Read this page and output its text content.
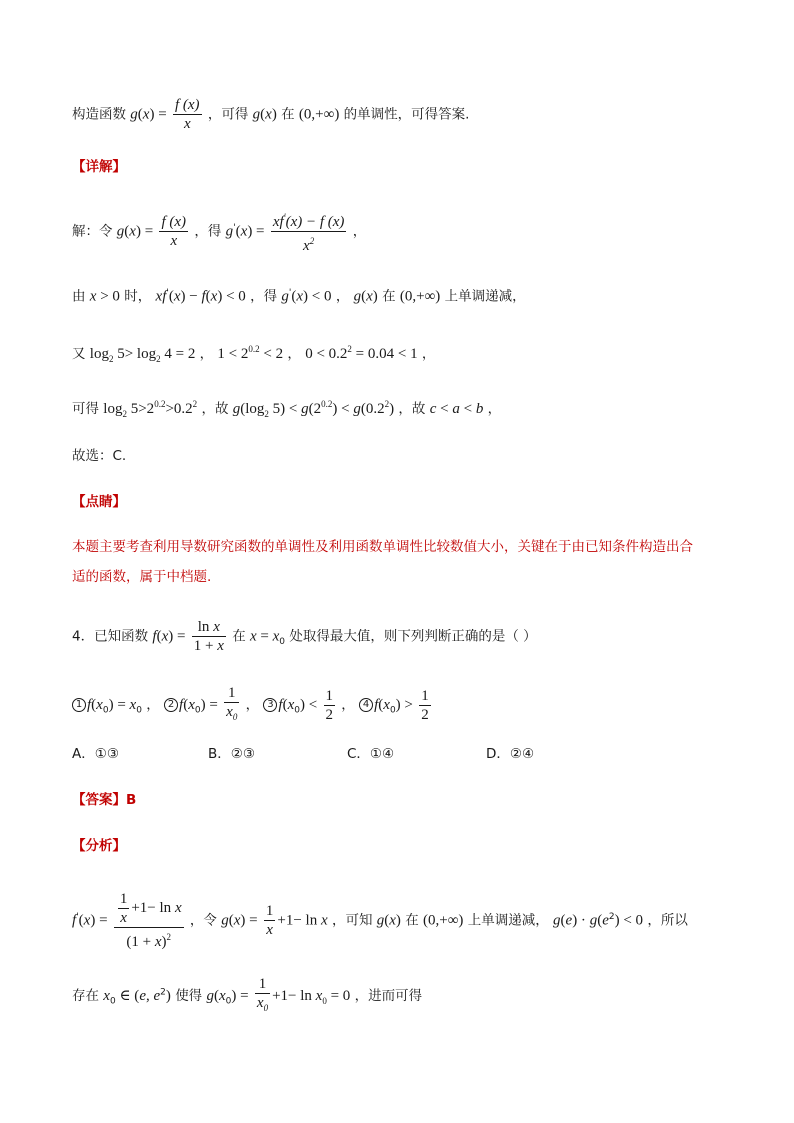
构造函数 $g(x) = \frac{f (x)}{x}$ ，可得 g(x) 在 (0,+∞) 的单调性，可得答案.
【详解】
解：令 $g(x) = \frac{f (x)}{x}$ ，得 $g'(x) = \frac{xf'(x) - f (x)}{x^2}$ ，
由 x > 0 时， xf'(x) − f(x) < 0 ，得 g'(x) < 0 ， g(x) 在 (0,+∞) 上单调递减，
又 $\log_2 5> \log_2 4 = 2$ ， $1 < 2^{0.2} < 2$ ， $0 < 0.2^2 = 0.04 < 1$ ，
可得 $\log_2 5>2^{0.2}>0.2^2$ ，故 $g(\log_2$ $5) < g(2^{0.2}) < g(0.2^2)$ ，故 c < a < b ，
故选：C.
【点睛】
本题主要考查利用导数研究函数的单调性及利用函数单调性比较数值大小，关键在于由已知条件构造出合
适的函数，属于中档题.
4．已知函数 $f(x) = \frac{\text{ln x}}{1 + x}$ 在 $x = x_0$ 处取得最大值，则下列判断正确的是（ ）
1 $f(x_0) = x_0$ ， 2 $f(x_0) = \frac{1}{x_0}$ ， 3 $f(x_0) < \frac{1}{2}$ ， 4 $f(x_0) > \frac{1}{2}$
A．①③	B．②③	C．①④	D．②④
【答案】B
【分析】
$f'(x) = \frac{\frac{1}{x} +1- \ln x}{(1 + x)^2}$ ，令 $g(x) = \frac{1}{x} +1- \ln x$ ，可知 g(x) 在 (0,+∞) 上单调递减， $g(e) \cdot g(e^2) < 0$ ，所以
存在 $x_0$ ∈ (e, $e^2$) 使得 $g(x_0) = \frac{1}{x_0} +1- \ln x_0 = 0$ ，进而可得
